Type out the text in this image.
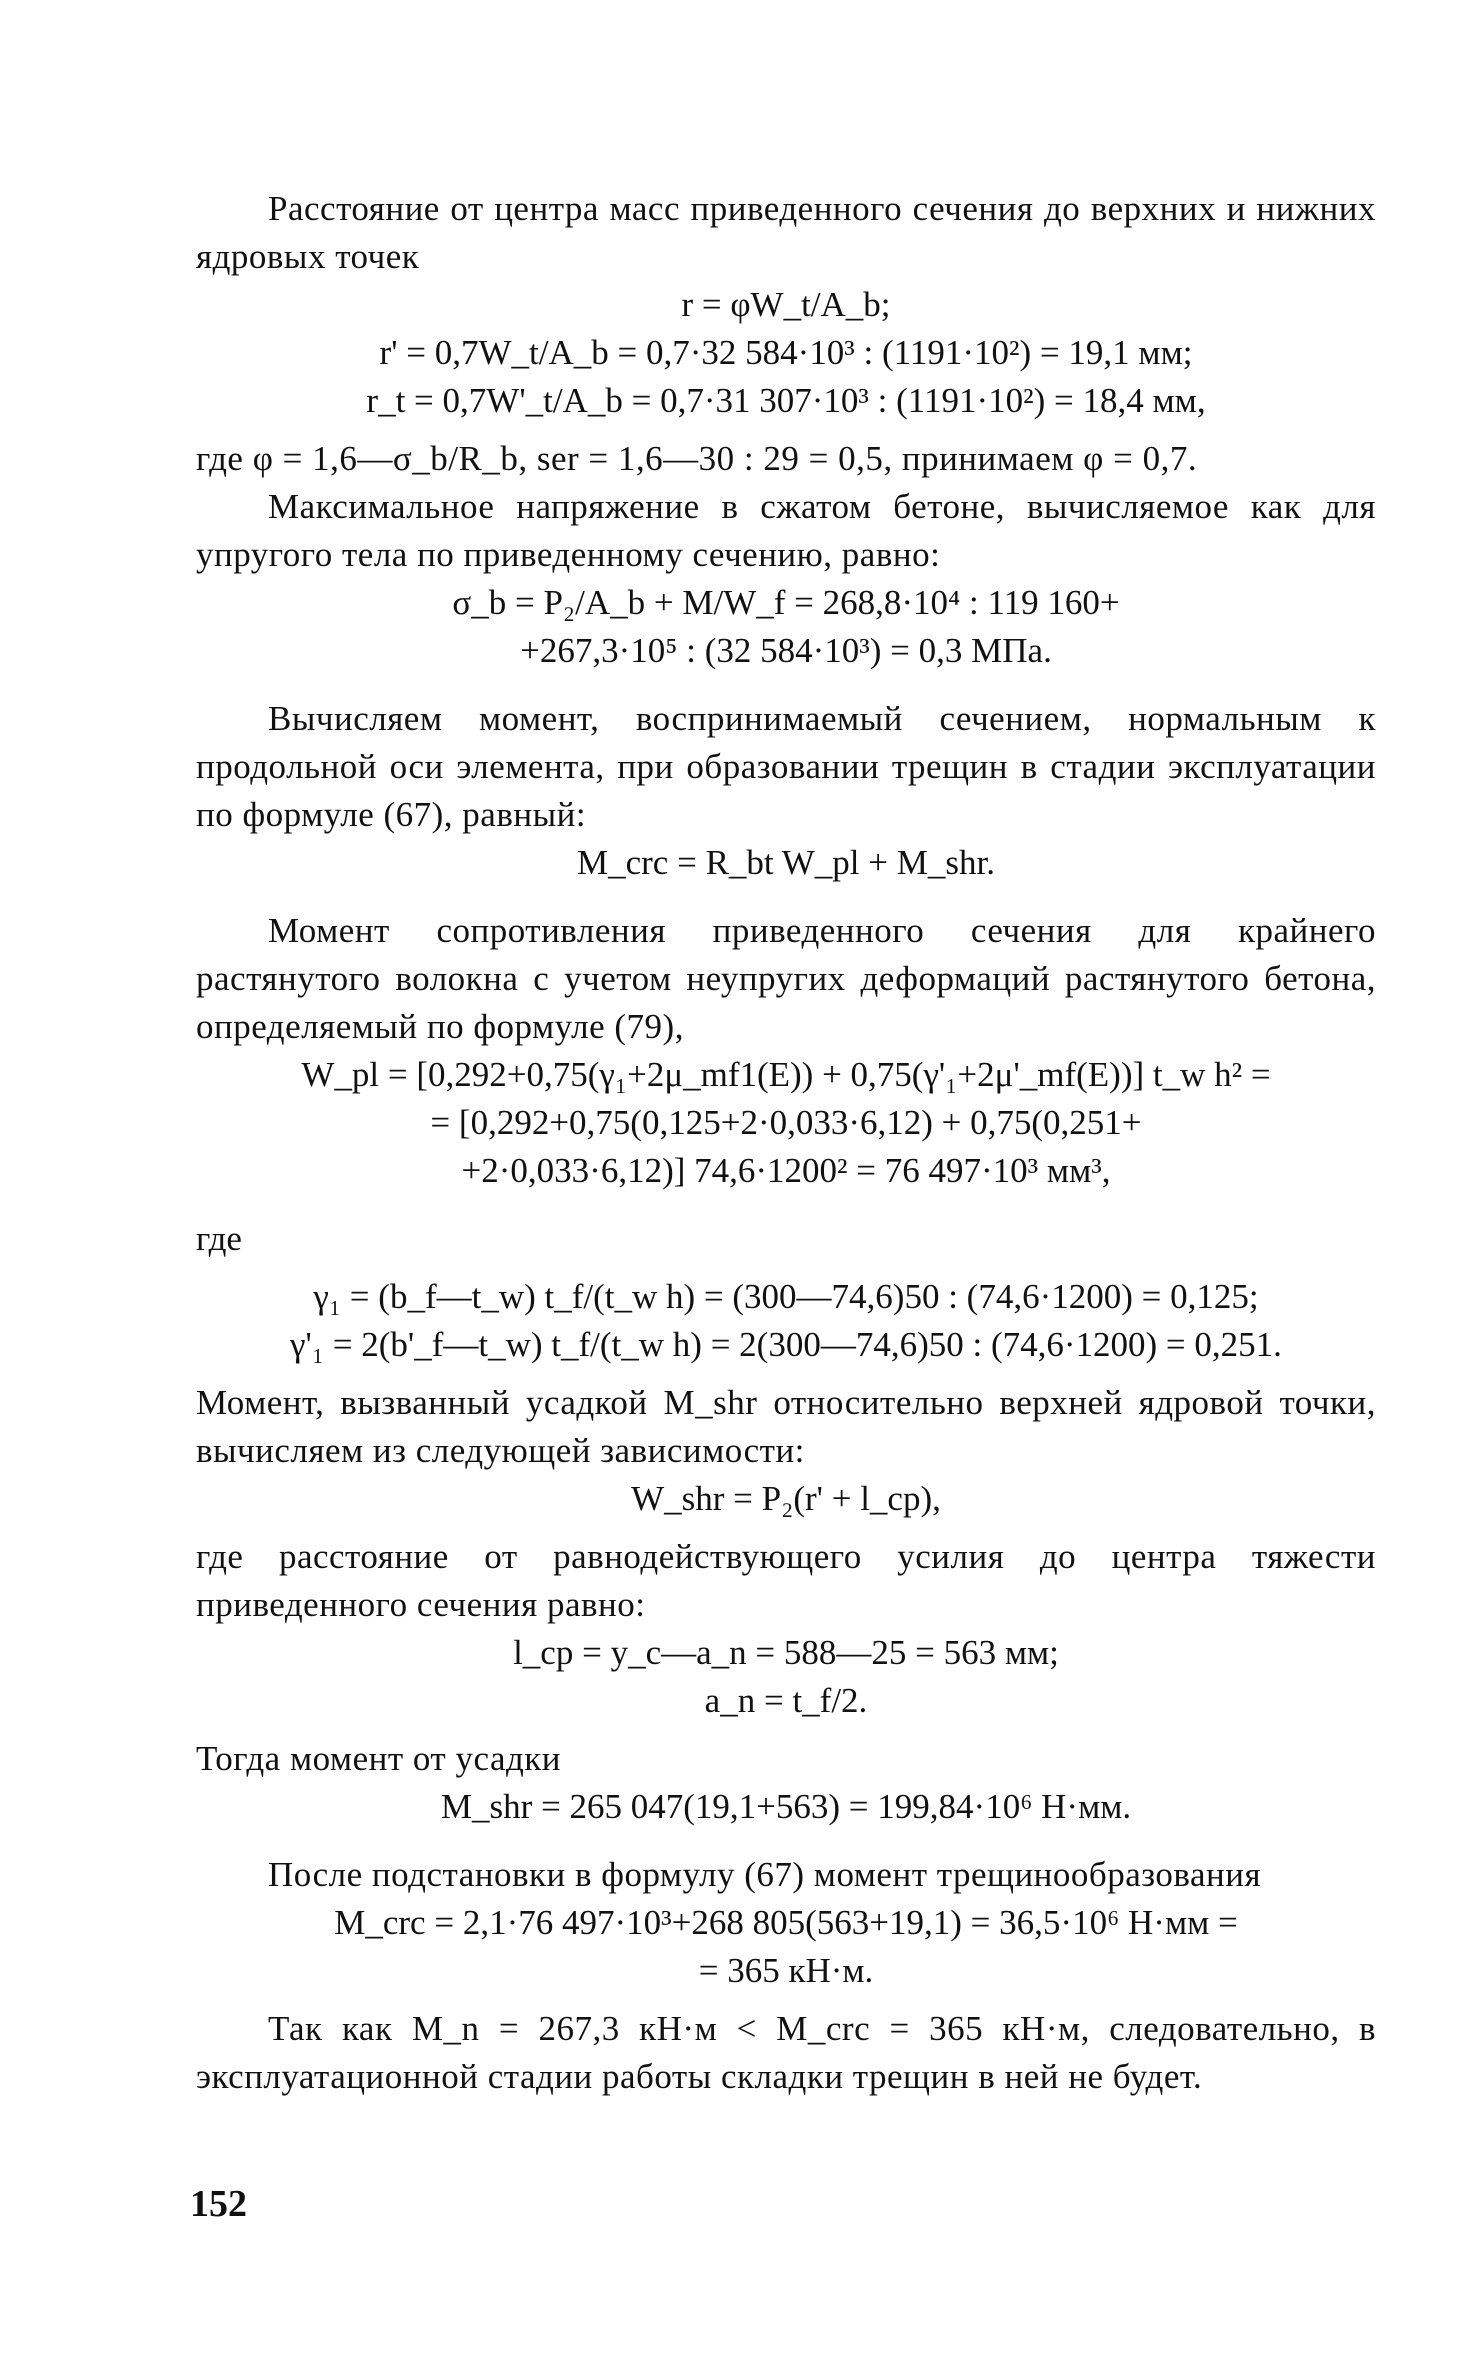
Расстояние от центра масс приведенного сечения до верхних и нижних ядровых точек

r = φW_t/A_b;
r' = 0,7W_t/A_b = 0,7·32 584·10³ : (1191·10²) = 19,1 мм;
r_t = 0,7W'_t/A_b = 0,7·31 307·10³ : (1191·10²) = 18,4 мм,

где φ = 1,6—σ_b/R_b, ser = 1,6—30 : 29 = 0,5, принимаем φ = 0,7.

Максимальное напряжение в сжатом бетоне, вычисляемое как для упругого тела по приведенному сечению, равно:

σ_b = P₂/A_b + M/W_f = 268,8·10⁴ : 119 160+
+267,3·10⁵ : (32 584·10³) = 0,3 МПа.

Вычисляем момент, воспринимаемый сечением, нормальным к продольной оси элемента, при образовании трещин в стадии эксплуатации по формуле (67), равный:

M_crc = R_bt W_pl + M_shr.

Момент сопротивления приведенного сечения для крайнего растянутого волокна с учетом неупругих деформаций растянутого бетона, определяемый по формуле (79),

W_pl = [0,292+0,75(γ₁+2μ_mf1(E)) + 0,75(γ'₁+2μ'_mf(E))] t_w h² =
= [0,292+0,75(0,125+2·0,033·6,12) + 0,75(0,251+
+2·0,033·6,12)] 74,6·1200² = 76 497·10³ мм³,

где

γ₁ = (b_f—t_w) t_f/(t_w h) = (300—74,6)50 : (74,6·1200) = 0,125;
γ'₁ = 2(b'_f—t_w) t_f/(t_w h) = 2(300—74,6)50 : (74,6·1200) = 0,251.

Момент, вызванный усадкой M_shr относительно верхней ядровой точки, вычисляем из следующей зависимости:

W_shr = P₂(r' + l_cp),

где расстояние от равнодействующего усилия до центра тяжести приведенного сечения равно:

l_cp = y_c—a_n = 588—25 = 563 мм;
a_n = t_f/2.

Тогда момент от усадки

M_shr = 265 047(19,1+563) = 199,84·10⁶ Н·мм.

После подстановки в формулу (67) момент трещинообразования

M_crc = 2,1·76 497·10³+268 805(563+19,1) = 36,5·10⁶ Н·мм =
= 365 кН·м.

Так как M_n = 267,3 кН·м < M_crc = 365 кН·м, следовательно, в эксплуатационной стадии работы складки трещин в ней не будет.

152
